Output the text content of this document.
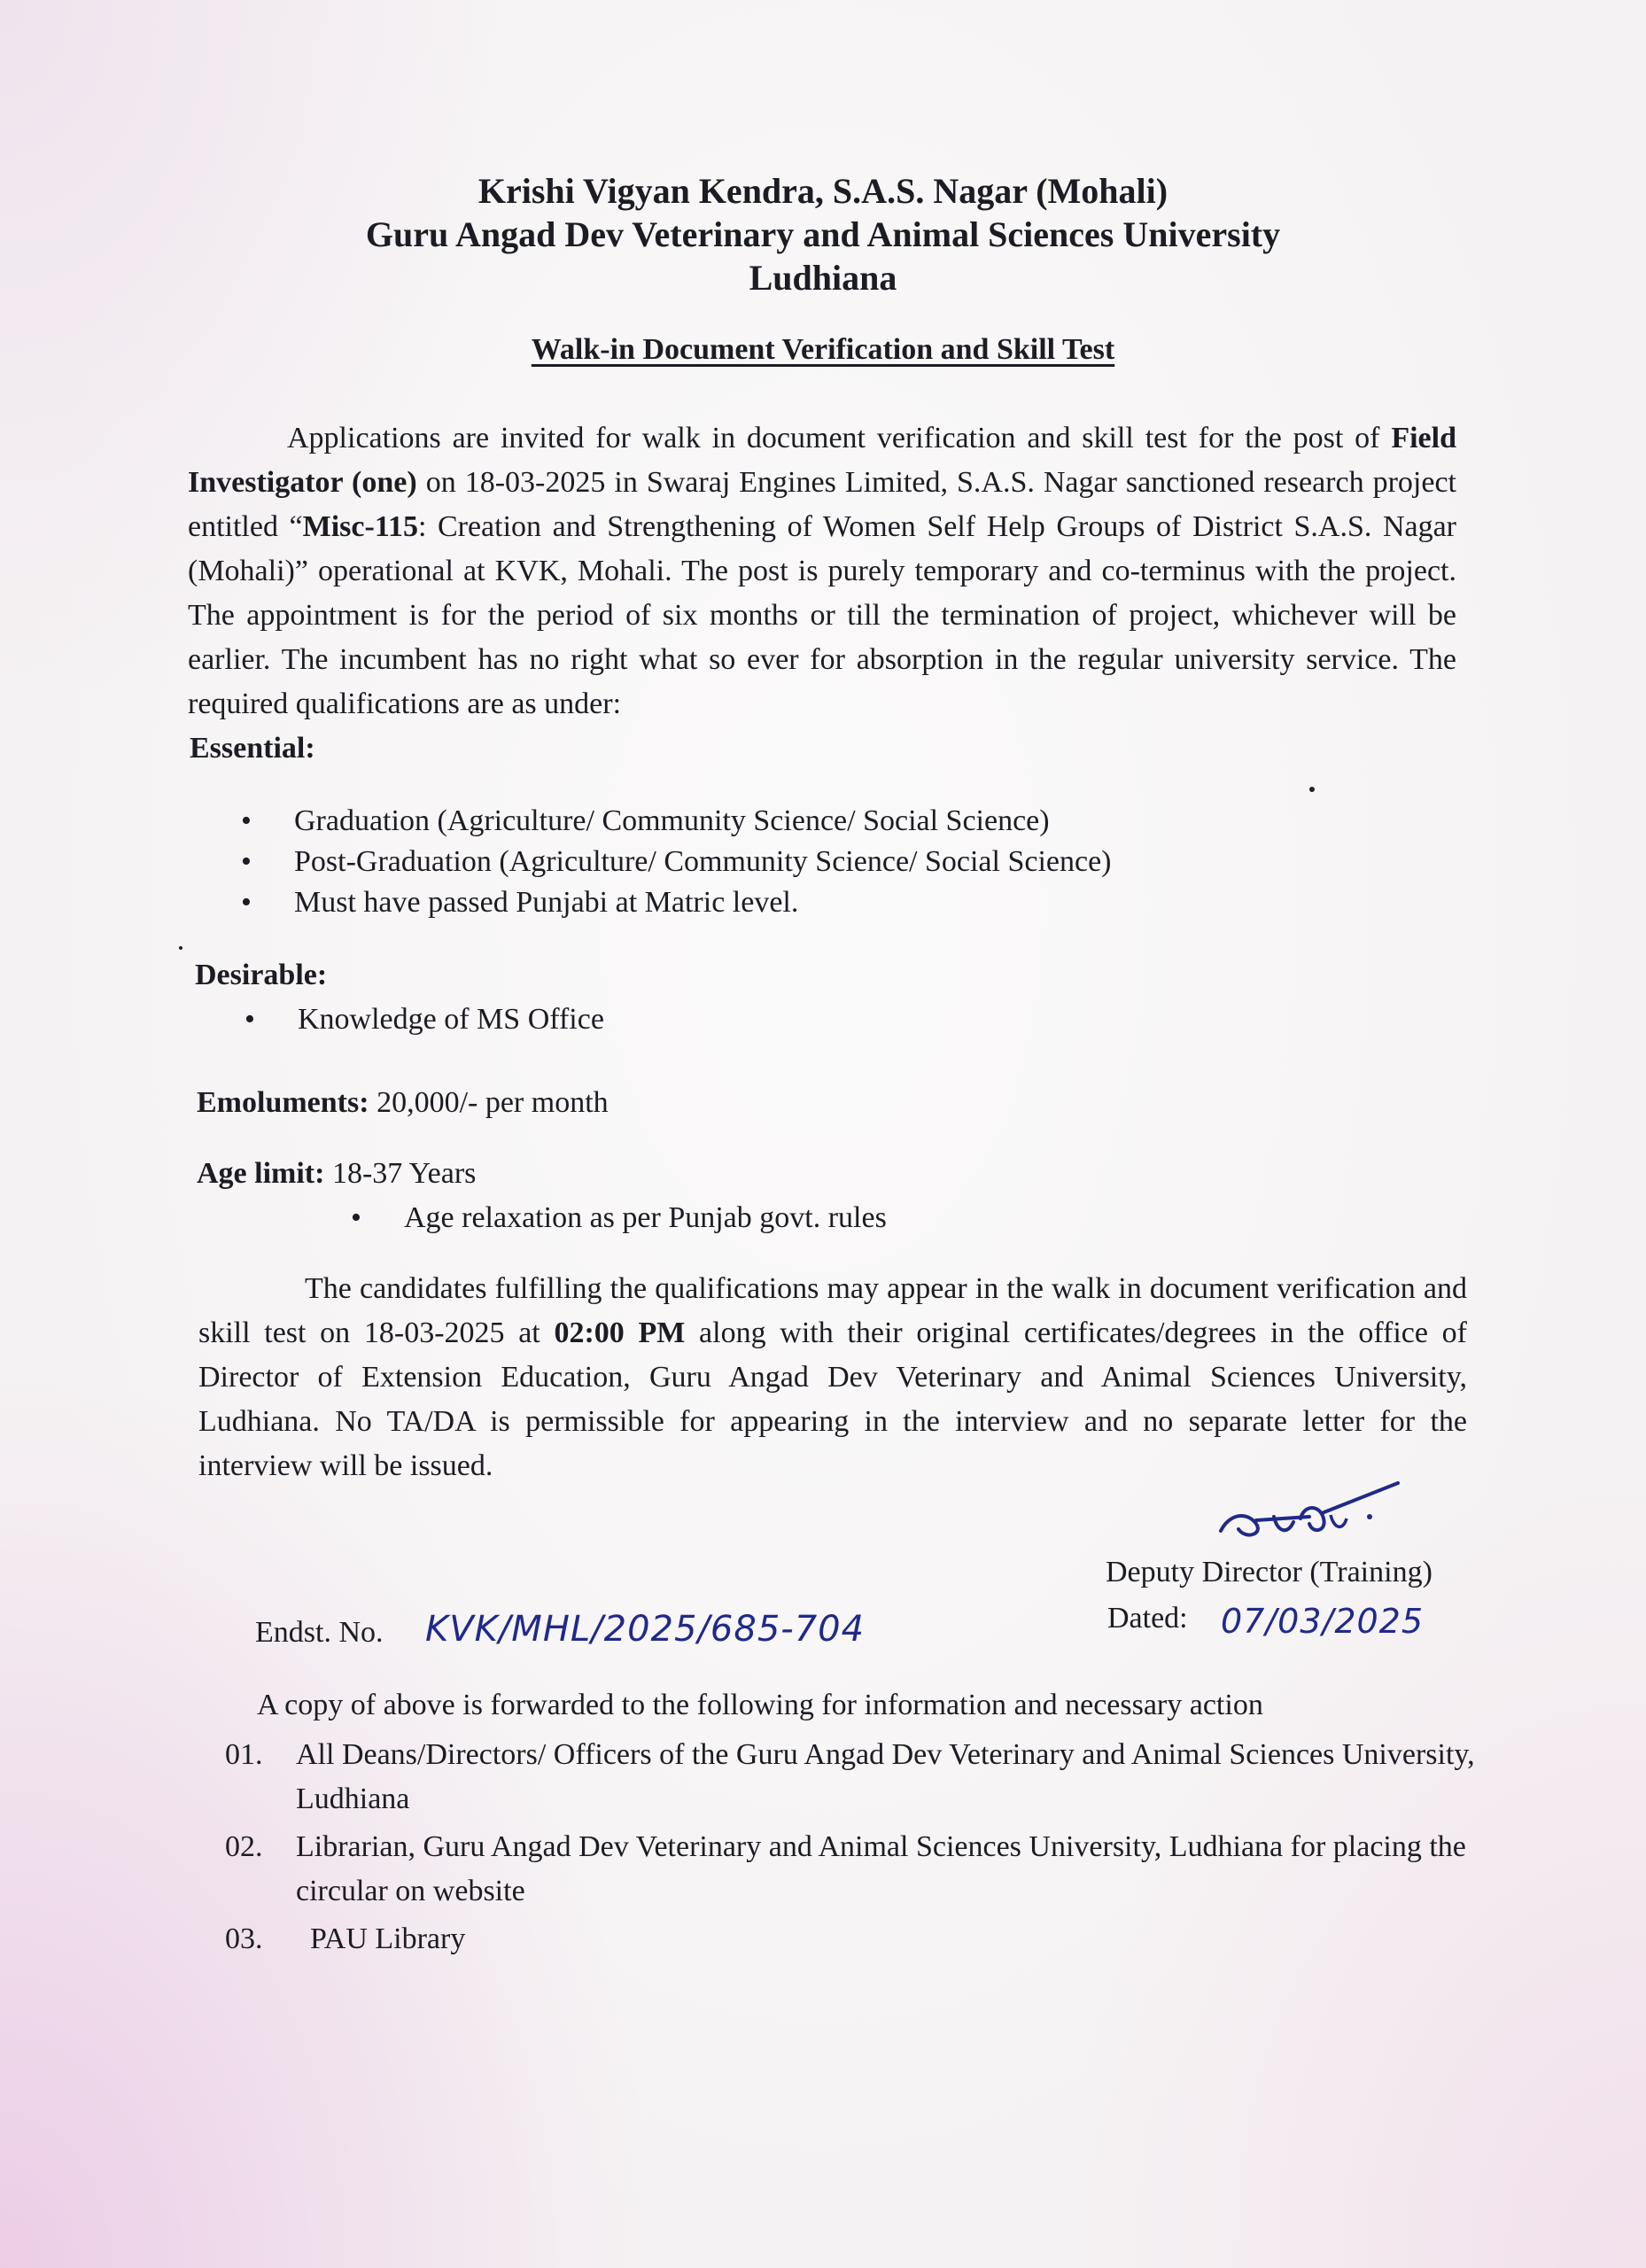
Krishi Vigyan Kendra, S.A.S. Nagar (Mohali)
Guru Angad Dev Veterinary and Animal Sciences University
Ludhiana
Walk-in Document Verification and Skill Test
Applications are invited for walk in document verification and skill test for the post of Field Investigator (one) on 18-03-2025 in Swaraj Engines Limited, S.A.S. Nagar sanctioned research project entitled “Misc-115: Creation and Strengthening of Women Self Help Groups of District S.A.S. Nagar (Mohali)” operational at KVK, Mohali. The post is purely temporary and co-terminus with the project. The appointment is for the period of six months or till the termination of project, whichever will be earlier. The incumbent has no right what so ever for absorption in the regular university service. The required qualifications are as under:
Essential:
• Graduation (Agriculture/ Community Science/ Social Science)
• Post-Graduation (Agriculture/ Community Science/ Social Science)
• Must have passed Punjabi at Matric level.
Desirable:
• Knowledge of MS Office
Emoluments: 20,000/- per month
Age limit: 18-37 Years
• Age relaxation as per Punjab govt. rules
The candidates fulfilling the qualifications may appear in the walk in document verification and skill test on 18-03-2025 at 02:00 PM along with their original certificates/degrees in the office of Director of Extension Education, Guru Angad Dev Veterinary and Animal Sciences University, Ludhiana. No TA/DA is permissible for appearing in the interview and no separate letter for the interview will be issued.
Deputy Director (Training)
Dated: 07/03/2025
Endst. No. KVK/MHL/2025/685-704
A copy of above is forwarded to the following for information and necessary action
01.	All Deans/Directors/ Officers of the Guru Angad Dev Veterinary and Animal Sciences University, Ludhiana
02.	Librarian, Guru Angad Dev Veterinary and Animal Sciences University, Ludhiana for placing the circular on website
03.	PAU Library
